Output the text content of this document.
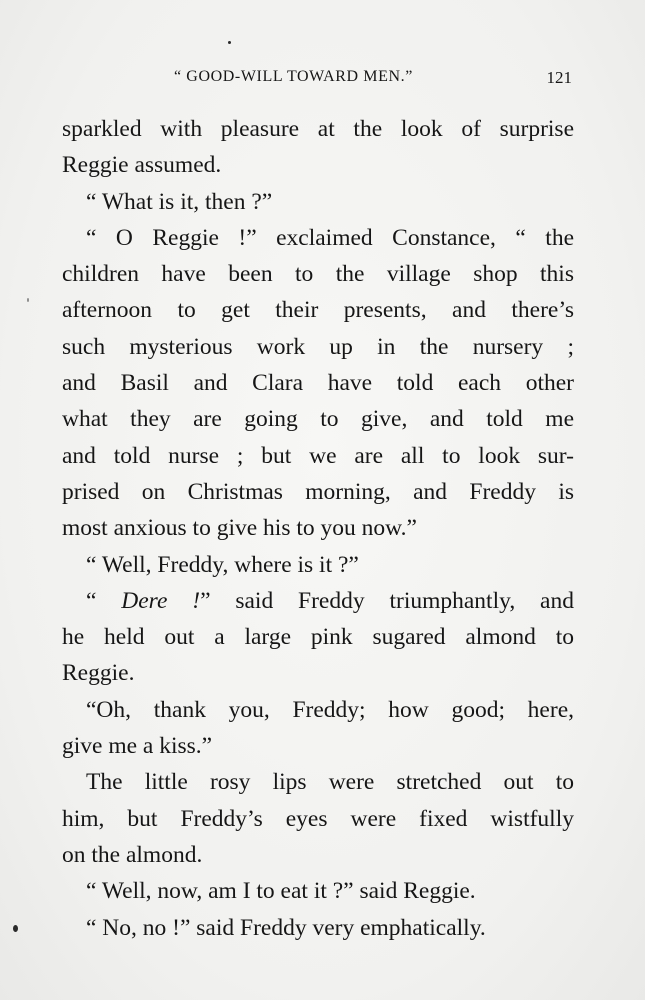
“ GOOD-WILL TOWARD MEN.”	121
sparkled with pleasure at the look of surprise
Reggie assumed.
“ What is it, then ?”
“ O Reggie !” exclaimed Constance, “ the
children have been to the village shop this
afternoon to get their presents, and there’s
such mysterious work up in the nursery ;
and Basil and Clara have told each other
what they are going to give, and told me
and told nurse ; but we are all to look sur-
prised on Christmas morning, and Freddy is
most anxious to give his to you now.”
“ Well, Freddy, where is it ?”
“ Dere !” said Freddy triumphantly, and
he held out a large pink sugared almond to
Reggie.
“Oh, thank you, Freddy; how good; here,
give me a kiss.”
The little rosy lips were stretched out to
him, but Freddy’s eyes were fixed wistfully
on the almond.
“ Well, now, am I to eat it ?” said Reggie.
“ No, no !” said Freddy very emphatically.
